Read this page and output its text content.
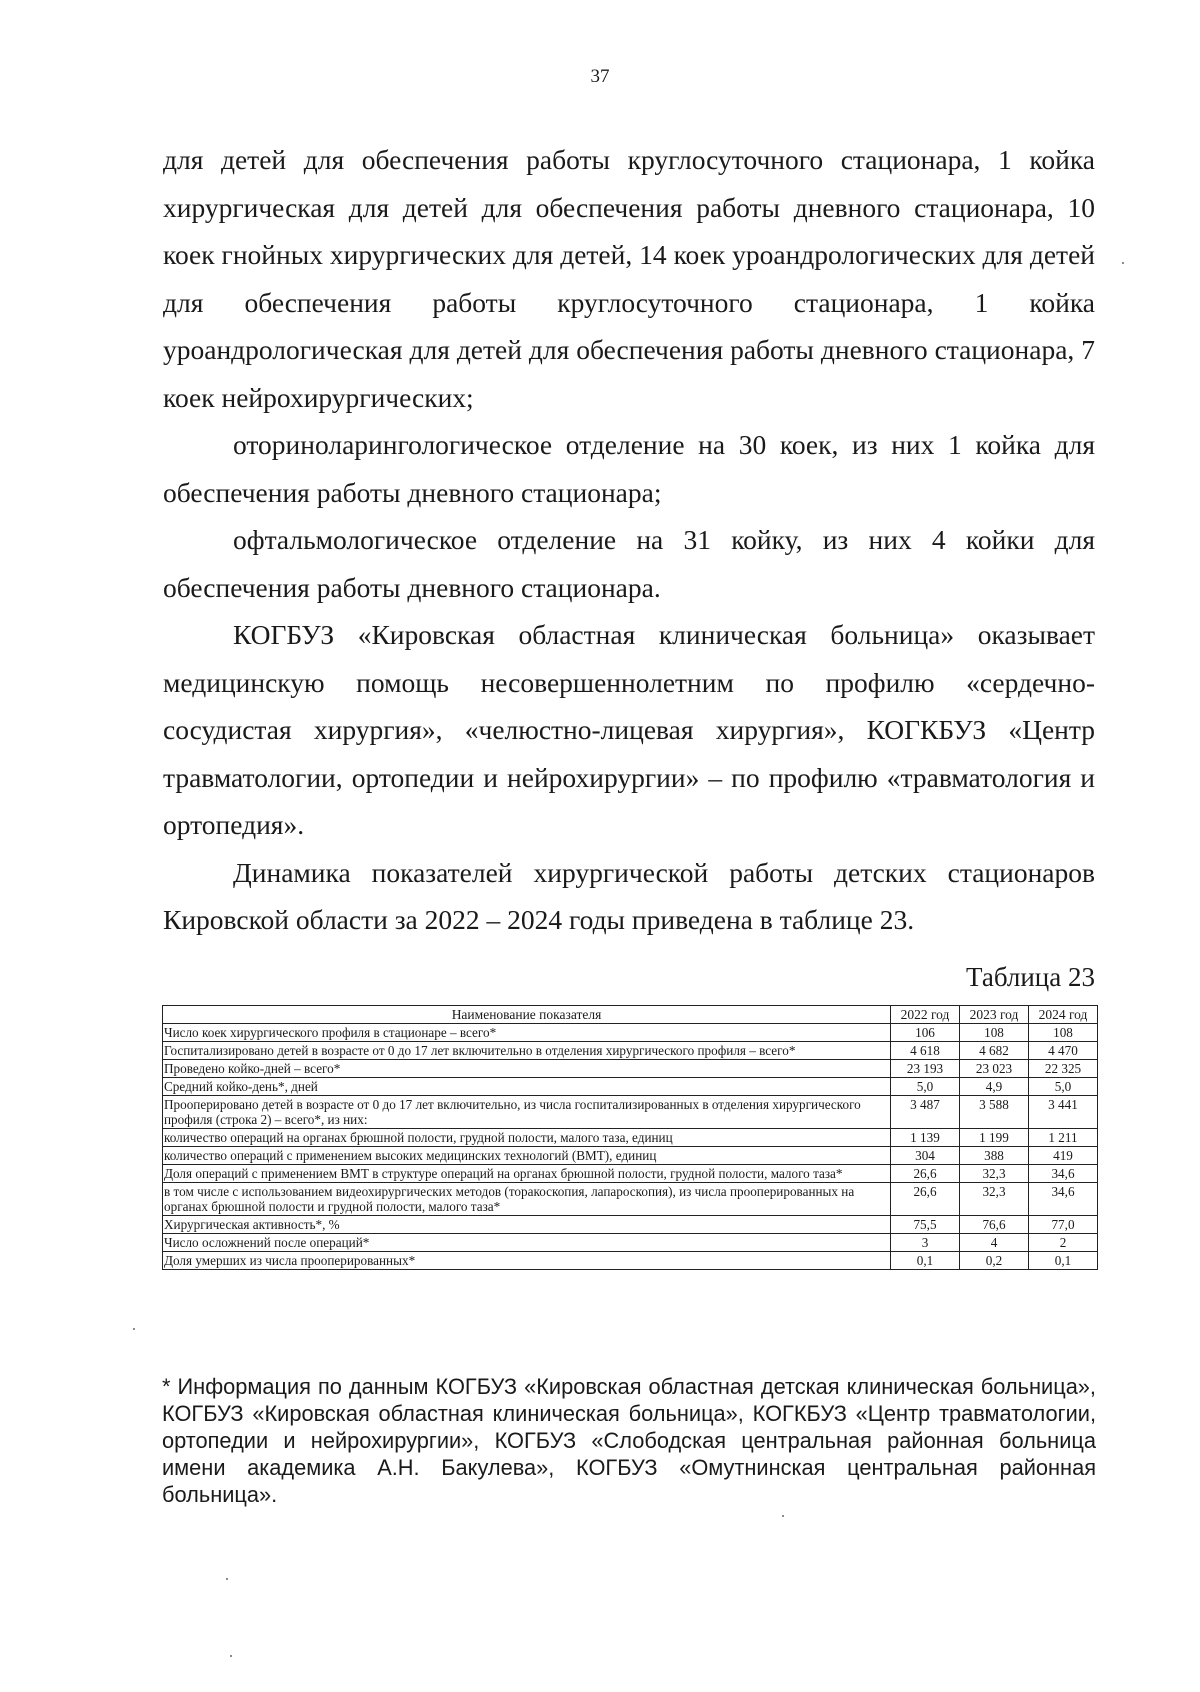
37

для детей для обеспечения работы круглосуточного стационара, 1 койка хирургическая для детей для обеспечения работы дневного стационара, 10 коек гнойных хирургических для детей, 14 коек уроандрологических для детей для обеспечения работы круглосуточного стационара, 1 койка уроандрологическая для детей для обеспечения работы дневного стационара, 7 коек нейрохирургических;

оториноларингологическое отделение на 30 коек, из них 1 койка для обеспечения работы дневного стационара;

офтальмологическое отделение на 31 койку, из них 4 койки для обеспечения работы дневного стационара.

КОГБУЗ «Кировская областная клиническая больница» оказывает медицинскую помощь несовершеннолетним по профилю «сердечно-сосудистая хирургия», «челюстно-лицевая хирургия», КОГКБУЗ «Центр травматологии, ортопедии и нейрохирургии» – по профилю «травматология и ортопедия».

Динамика показателей хирургической работы детских стационаров Кировской области за 2022 – 2024 годы приведена в таблице 23.

Таблица 23
Наименование показателя	2022 год	2023 год	2024 год
Число коек хирургического профиля в стационаре – всего*	106	108	108
Госпитализировано детей в возрасте от 0 до 17 лет включительно в отделения хирургического профиля – всего*	4 618	4 682	4 470
Проведено койко-дней – всего*	23 193	23 023	22 325
Средний койко-день*, дней	5,0	4,9	5,0
Прооперировано детей в возрасте от 0 до 17 лет включительно, из числа госпитализированных в отделения хирургического профиля (строка 2) – всего*, из них:	3 487	3 588	3 441
количество операций на органах брюшной полости, грудной полости, малого таза, единиц	1 139	1 199	1 211
количество операций с применением высоких медицинских технологий (ВМТ), единиц	304	388	419
Доля операций с применением ВМТ в структуре операций на органах брюшной полости, грудной полости, малого таза*	26,6	32,3	34,6
в том числе с использованием видеохирургических методов (торакоскопия, лапароскопия), из числа прооперированных на органах брюшной полости и грудной полости, малого таза*	26,6	32,3	34,6
Хирургическая активность*, %	75,5	76,6	77,0
Число осложнений после операций*	3	4	2
Доля умерших из числа прооперированных*	0,1	0,2	0,1

* Информация по данным КОГБУЗ «Кировская областная детская клиническая больница», КОГБУЗ «Кировская областная клиническая больница», КОГКБУЗ «Центр травматологии, ортопедии и нейрохирургии», КОГБУЗ «Слободская центральная районная больница имени академика А.Н. Бакулева», КОГБУЗ «Омутнинская центральная районная больница».
